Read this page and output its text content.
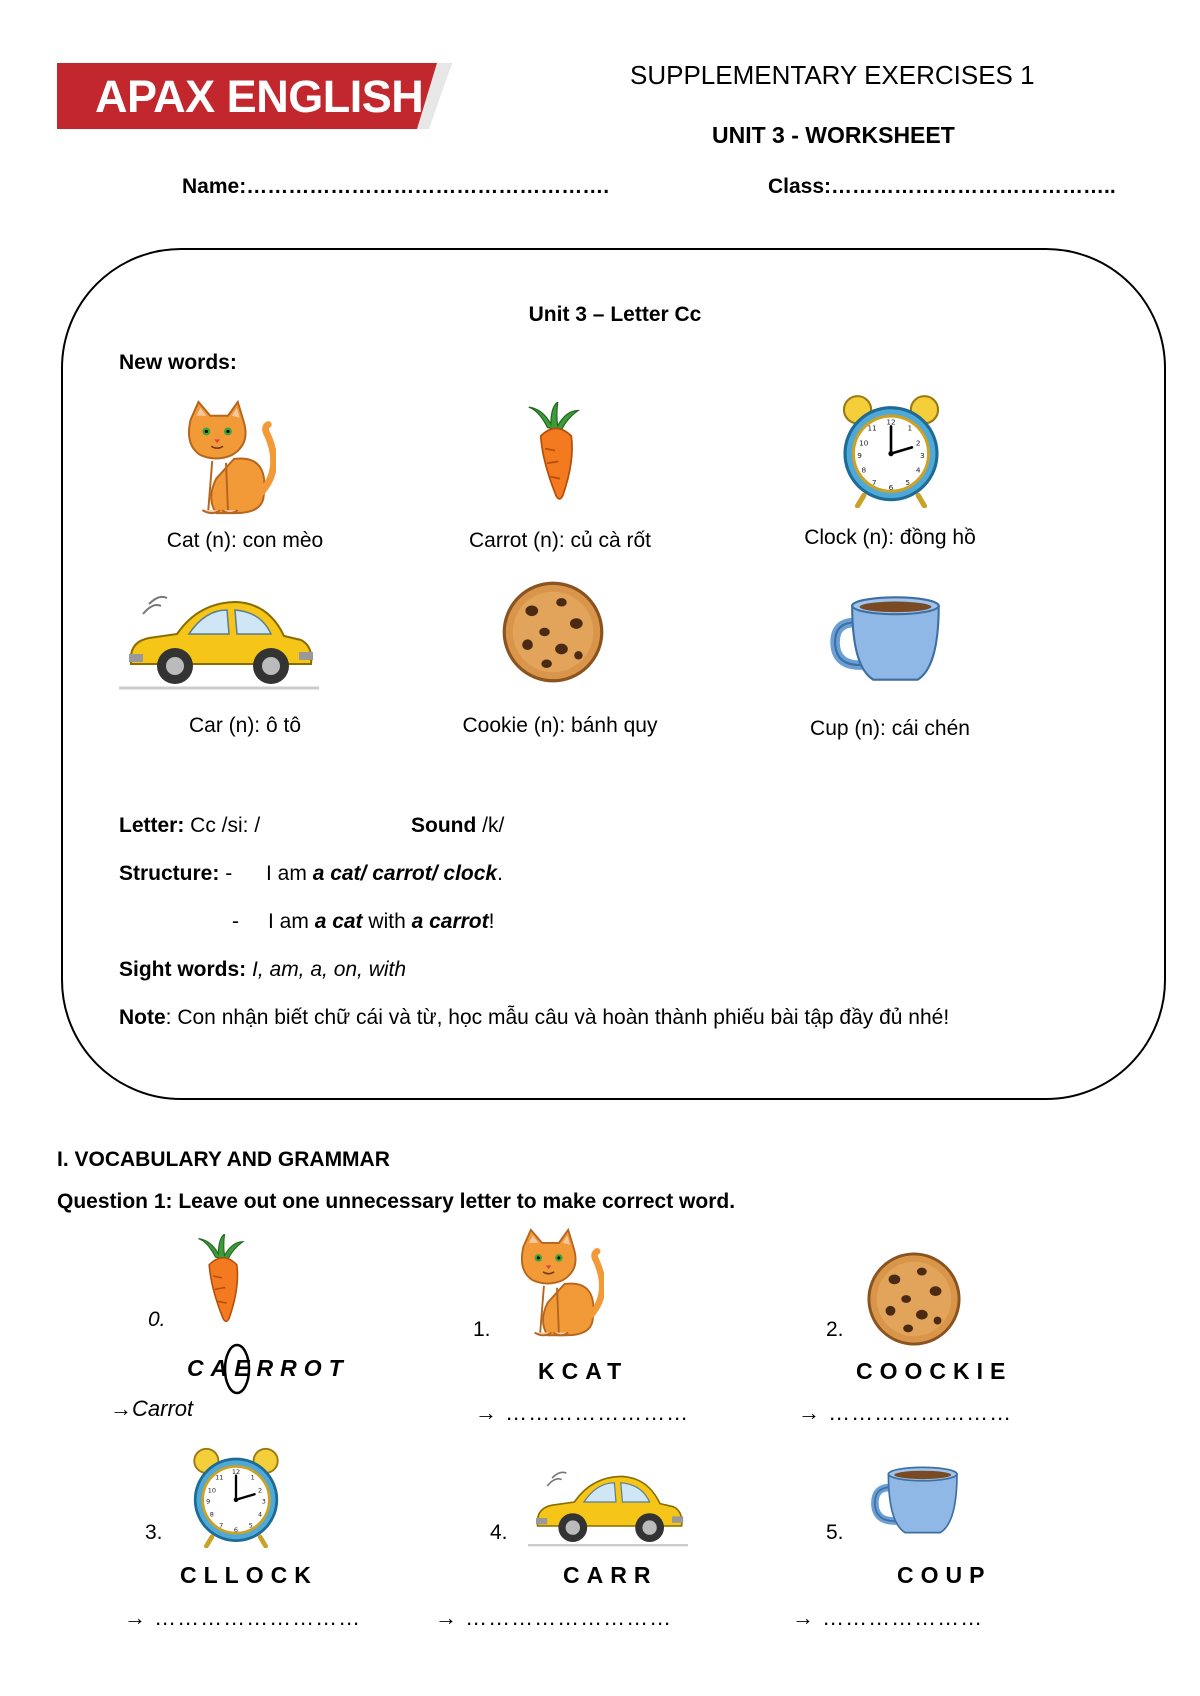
APAX ENGLISH	SUPPLEMENTARY EXERCISES 1
UNIT 3 - WORKSHEET
Name:…………………………………………….	Class:…………………………………..
Unit 3 – Letter Cc
New words:
Cat (n): con mèo	Carrot (n): củ cà rốt	Clock (n): đồng hồ
Car (n): ô tô	Cookie (n): bánh quy	Cup (n): cái chén
Letter: Cc /si: /	Sound /k/
Structure: - I am a cat/ carrot/ clock.
- I am a cat with a carrot!
Sight words: I, am, a, on, with
Note: Con nhận biết chữ cái và từ, học mẫu câu và hoàn thành phiếu bài tập đầy đủ nhé!
I. VOCABULARY AND GRAMMAR
Question 1: Leave out one unnecessary letter to make correct word.
0.
CAERROT
→Carrot
1.
KCAT
→ ……………………
2.
COOCKIE
→ ……………………
3.
CLLOCK
→ ………………………
4.
CARR
→ ………………………
5.
COUP
→ …………………
